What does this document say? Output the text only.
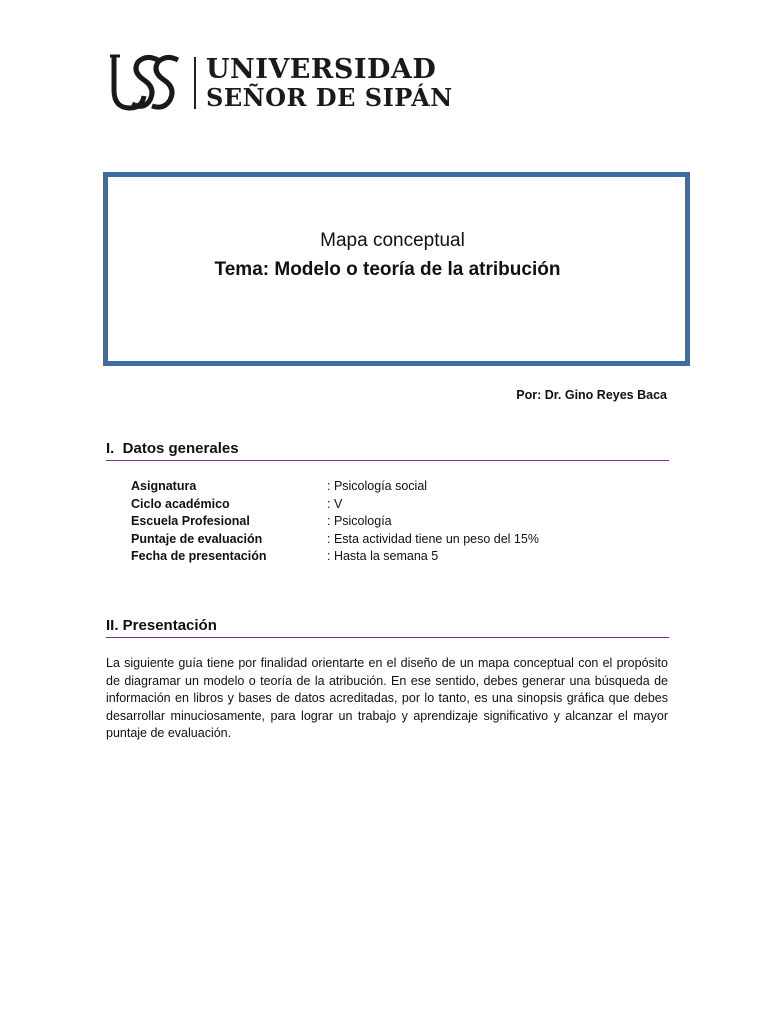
UNIVERSIDAD
SEÑOR DE SIPÁN
Mapa conceptual
Tema: Modelo o teoría de la atribución
Por: Dr. Gino Reyes Baca
I.  Datos generales
Asignatura	: Psicología social
Ciclo académico	: V
Escuela Profesional	: Psicología
Puntaje de evaluación	: Esta actividad tiene un peso del 15%
Fecha de presentación	: Hasta la semana 5
II. Presentación
La siguiente guía tiene por finalidad orientarte en el diseño de un mapa conceptual con el propósito de diagramar un modelo o teoría de la atribución. En ese sentido, debes generar una búsqueda de información en libros y bases de datos acreditadas, por lo tanto, es una sinopsis gráfica que debes desarrollar minuciosamente, para lograr un trabajo y aprendizaje significativo y alcanzar el mayor puntaje de evaluación.
